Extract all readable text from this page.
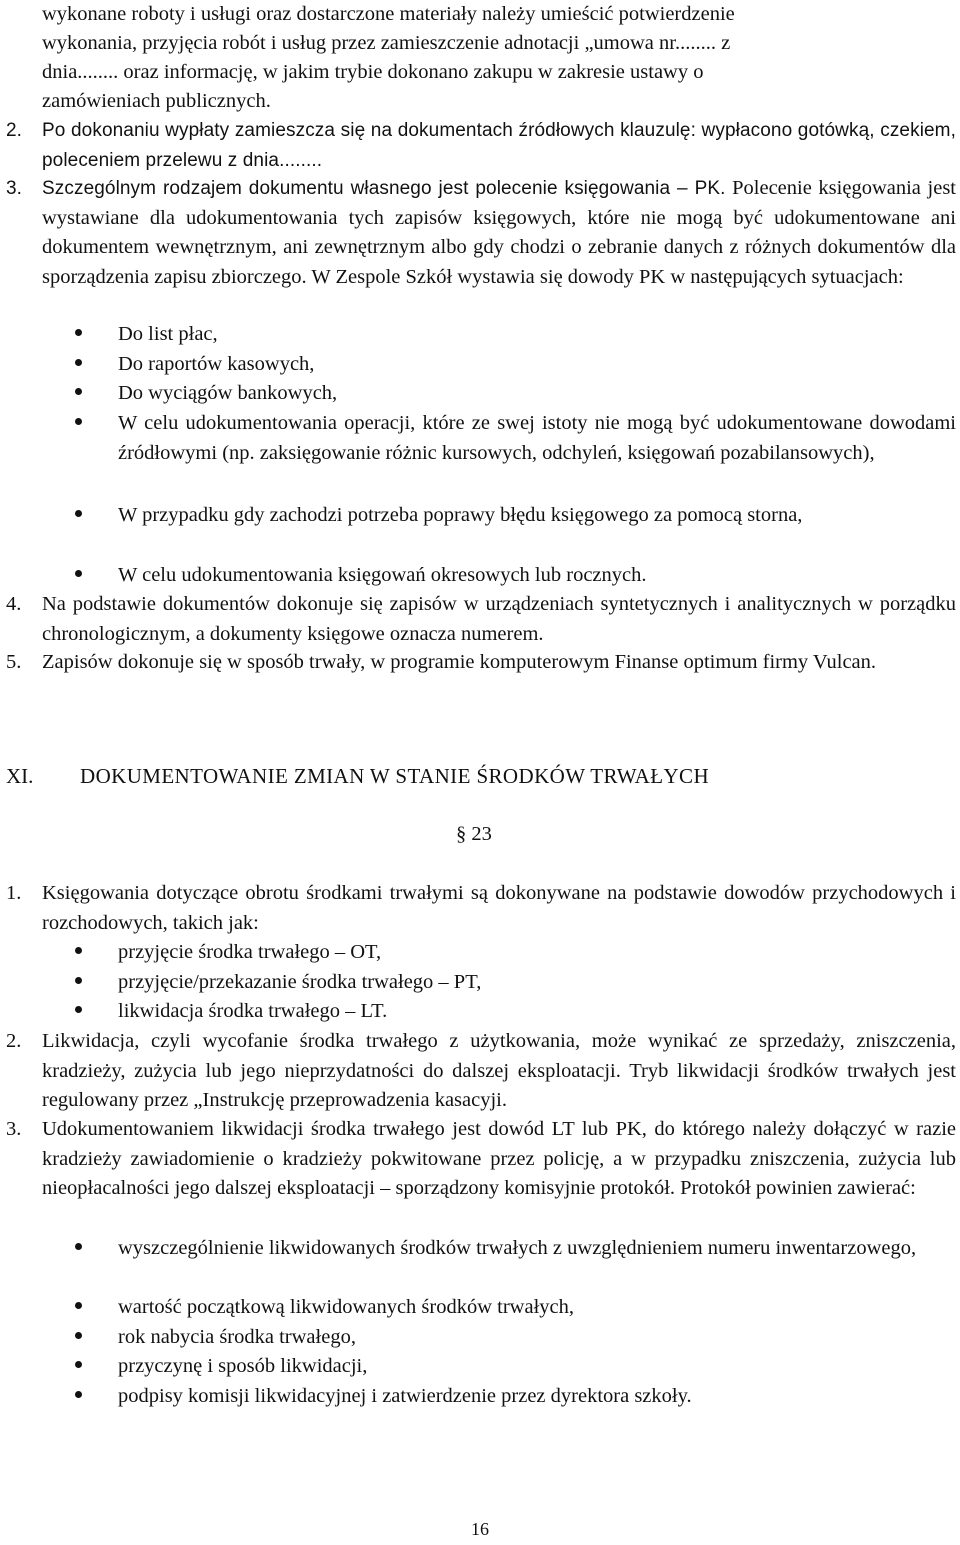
wykonane roboty i usługi oraz dostarczone materiały należy umieścić potwierdzenie

wykonania, przyjęcia robót i usług przez zamieszczenie adnotacji „umowa nr........ z

dnia........ oraz informację, w jakim trybie dokonano zakupu w zakresie ustawy o

zamówieniach publicznych.

2.	Po dokonaniu wypłaty zamieszcza się na dokumentach źródłowych klauzulę: wypłacono gotówką, czekiem, poleceniem przelewu z dnia........

3.	Szczególnym rodzajem dokumentu własnego jest polecenie księgowania – PK. Polecenie księgowania jest wystawiane dla udokumentowania tych zapisów księgowych, które nie mogą być udokumentowane ani dokumentem wewnętrznym, ani zewnętrznym albo gdy chodzi o zebranie danych z różnych dokumentów dla sporządzenia zapisu zbiorczego. W Zespole Szkół wystawia się dowody PK w następujących sytuacjach:

Do list płac,

Do raportów kasowych,

Do wyciągów bankowych,

W celu udokumentowania operacji, które ze swej istoty nie mogą być udokumentowane dowodami źródłowymi (np. zaksięgowanie różnic kursowych, odchyleń, księgowań pozabilansowych),

W przypadku gdy zachodzi potrzeba poprawy błędu księgowego za pomocą storna,

W celu udokumentowania księgowań okresowych lub rocznych.

4.	Na podstawie dokumentów dokonuje się zapisów w urządzeniach syntetycznych i analitycznych w porządku chronologicznym, a dokumenty księgowe oznacza numerem.

5.	Zapisów dokonuje się w sposób trwały, w programie komputerowym Finanse optimum firmy Vulcan.

XI. DOKUMENTOWANIE ZMIAN W STANIE ŚRODKÓW TRWAŁYCH
§ 23
1.	Księgowania dotyczące obrotu środkami trwałymi są dokonywane na podstawie dowodów przychodowych i rozchodowych, takich jak:

przyjęcie środka trwałego – OT,

przyjęcie/przekazanie środka trwałego – PT,

likwidacja środka trwałego – LT.

2.	Likwidacja, czyli wycofanie środka trwałego z użytkowania, może wynikać ze sprzedaży, zniszczenia, kradzieży, zużycia lub jego nieprzydatności do dalszej eksploatacji. Tryb likwidacji środków trwałych jest regulowany przez „Instrukcję przeprowadzenia kasacyji.

3.	Udokumentowaniem likwidacji środka trwałego jest dowód LT lub PK, do którego należy dołączyć w razie kradzieży zawiadomienie o kradzieży pokwitowane przez policję, a w przypadku zniszczenia, zużycia lub nieopłacalności jego dalszej eksploatacji – sporządzony komisyjnie protokół. Protokół powinien zawierać:

wyszczególnienie likwidowanych środków trwałych z uwzględnieniem numeru inwentarzowego,

wartość początkową likwidowanych środków trwałych,

rok nabycia środka trwałego,

przyczynę i sposób likwidacji,

podpisy komisji likwidacyjnej i zatwierdzenie przez dyrektora szkoły.

16
